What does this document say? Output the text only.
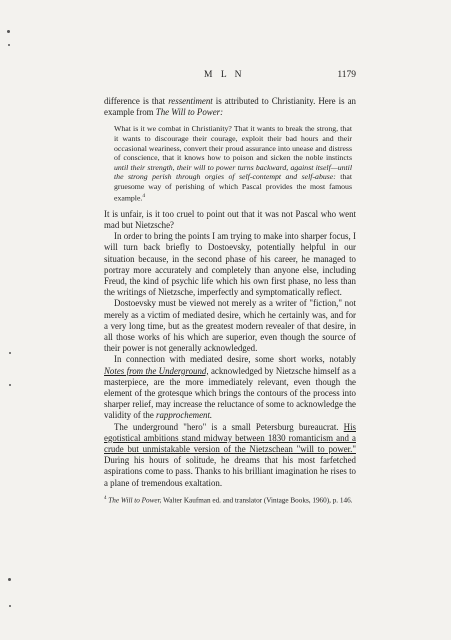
M L N	1179

difference is that ressentiment is attributed to Christianity. Here is an example from The Will to Power:

What is it we combat in Christianity? That it wants to break the strong, that it wants to discourage their courage, exploit their bad hours and their occasional weariness, convert their proud assurance into unease and distress of conscience, that it knows how to poison and sicken the noble instincts until their strength, their will to power turns backward, against itself—until the strong perish through orgies of self-contempt and self-abuse: that gruesome way of perishing of which Pascal provides the most famous example.$^4$

It is unfair, is it too cruel to point out that it was not Pascal who went mad but Nietzsche?

In order to bring the points I am trying to make into sharper focus, I will turn back briefly to Dostoevsky, potentially helpful in our situation because, in the second phase of his career, he managed to portray more accurately and completely than anyone else, including Freud, the kind of psychic life which his own first phase, no less than the writings of Nietzsche, imperfectly and symptomatically reflect.

Dostoevsky must be viewed not merely as a writer of "fiction," not merely as a victim of mediated desire, which he certainly was, and for a very long time, but as the greatest modern revealer of that desire, in all those works of his which are superior, even though the source of their power is not generally acknowledged.

In connection with mediated desire, some short works, notably Notes from the Underground, acknowledged by Nietzsche himself as a masterpiece, are the more immediately relevant, even though the element of the grotesque which brings the contours of the process into sharper relief, may increase the reluctance of some to acknowledge the validity of the rapprochement.

The underground "hero" is a small Petersburg bureaucrat. His egotistical ambitions stand midway between 1830 romanticism and a crude but unmistakable version of the Nietzschean "will to power." During his hours of solitude, he dreams that his most farfetched aspirations come to pass. Thanks to his brilliant imagination he rises to a plane of tremendous exaltation.

$^4$ The Will to Power, Walter Kaufman ed. and translator (Vintage Books, 1960), p. 146.
